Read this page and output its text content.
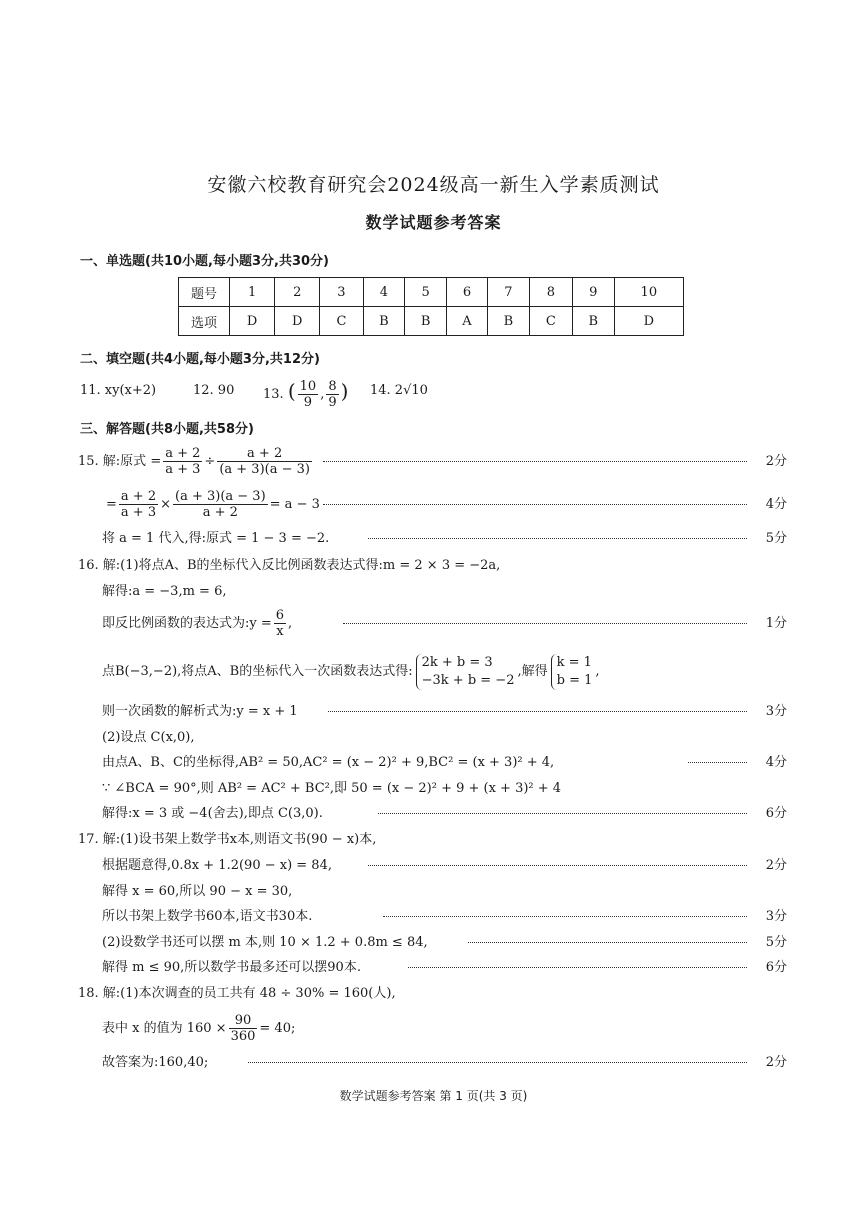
安徽六校教育研究会2024级高一新生入学素质测试
数学试题参考答案
一、单选题(共10小题,每小题3分,共30分)
题号	1	2	3	4	5	6	7	8	9	10
选项	D	D	C	B	B	A	B	C	B	D
二、填空题(共4小题,每小题3分,共12分)
11. xy(x+2)	12. 90 13. ( $\frac{10}{9}$ , $\frac{8}{9}$ ) 14. 2√10
三、解答题(共8小题,共58分)
15. 解:原式 = $\frac{a + 2}{a + 3} \div \frac{a + 2}{(a + 3)(a - 3)}$	2分
= $\frac{a + 2}{a + 3} \times \frac{(a + 3)(a - 3)}{a + 2} = a - 3$	4分
将 a = 1 代入,得:原式 = 1 − 3 = −2.	5分
16. 解:(1)将点A、B的坐标代入反比例函数表达式得:m = 2 × 3 = −2a,
解得:a = −3,m = 6,
即反比例函数的表达式为:y = $\frac{6}{x}$ ,	1分
点B(−3,−2),将点A、B的坐标代入一次函数表达式得:
2k + b = 3
−3k + b = −2
,解得
k = 1
b = 1
,
则一次函数的解析式为:y = x + 1	3分
(2)设点 C(x,0),
由点A、B、C的坐标得,AB² = 50,AC² = (x − 2)² + 9,BC² = (x + 3)² + 4,	4分
∵ ∠BCA = 90°,则 AB² = AC² + BC²,即 50 = (x − 2)² + 9 + (x + 3)² + 4
解得:x = 3 或 −4(舍去),即点 C(3,0).	6分
17. 解:(1)设书架上数学书x本,则语文书(90 − x)本,
根据题意得,0.8x + 1.2(90 − x) = 84,	2分
解得 x = 60,所以 90 − x = 30,
所以书架上数学书60本,语文书30本.	3分
(2)设数学书还可以摆 m 本,则 10 × 1.2 + 0.8m ≤ 84,	5分
解得 m ≤ 90,所以数学书最多还可以摆90本.	6分
18. 解:(1)本次调查的员工共有 48 ÷ 30% = 160(人),
表中 x 的值为 $160 \times \frac{90}{360} = 40$;
故答案为:160,40;	2分
数学试题参考答案 第 1 页(共 3 页)
